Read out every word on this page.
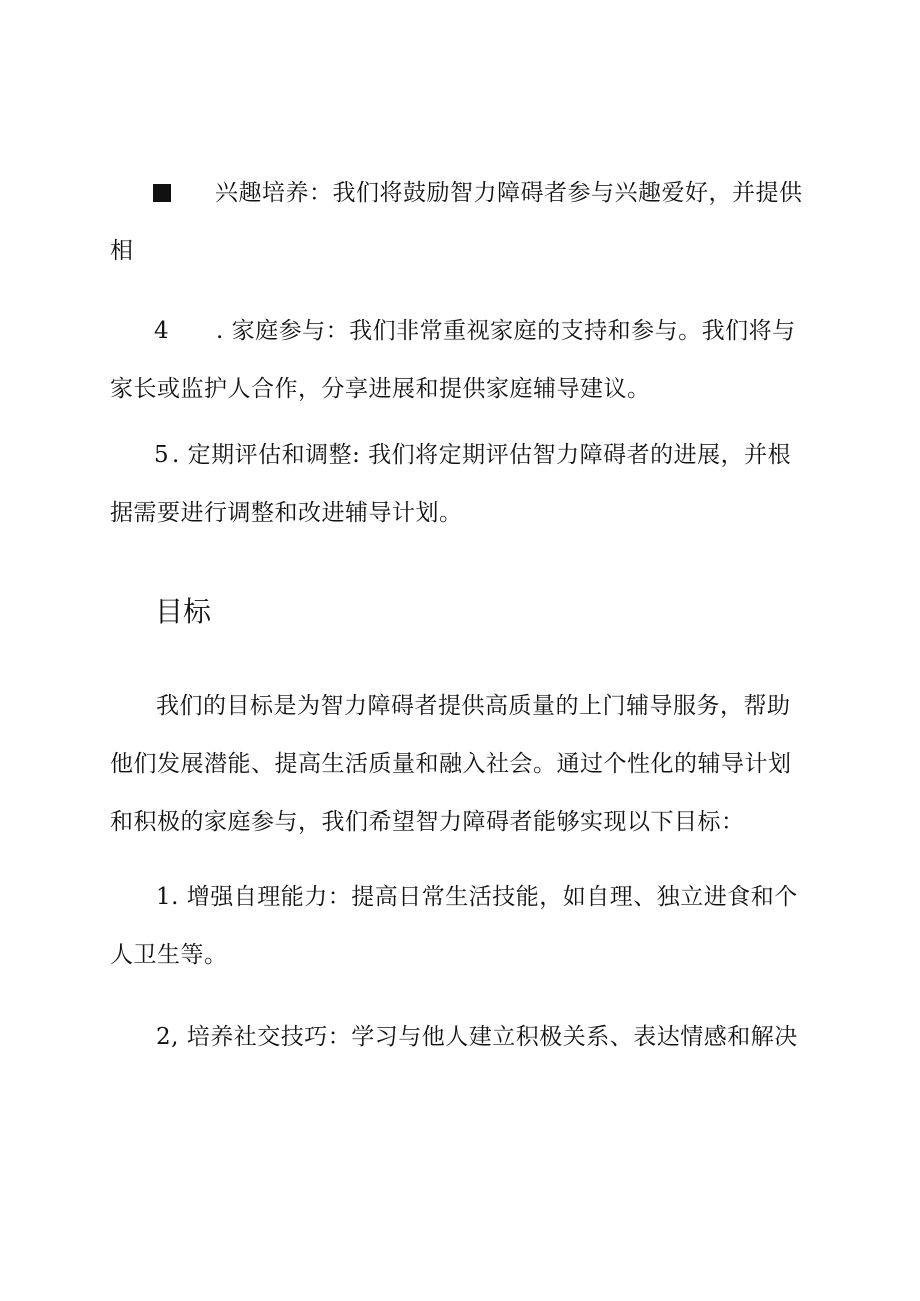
兴趣培养：我们将鼓励智力障碍者参与兴趣爱好，并提供相

4 . 家庭参与：我们非常重视家庭的支持和参与。我们将与家长或监护人合作，分享进展和提供家庭辅导建议。

5 . 定期评估和调整: 我们将定期评估智力障碍者的进展，并根据需要进行调整和改进辅导计划。

目标

我们的目标是为智力障碍者提供高质量的上门辅导服务，帮助他们发展潜能、提高生活质量和融入社会。通过个性化的辅导计划和积极的家庭参与，我们希望智力障碍者能够实现以下目标：

1. 增强自理能力：提高日常生活技能，如自理、独立进食和个人卫生等。

2, 培养社交技巧：学习与他人建立积极关系、表达情感和解决
